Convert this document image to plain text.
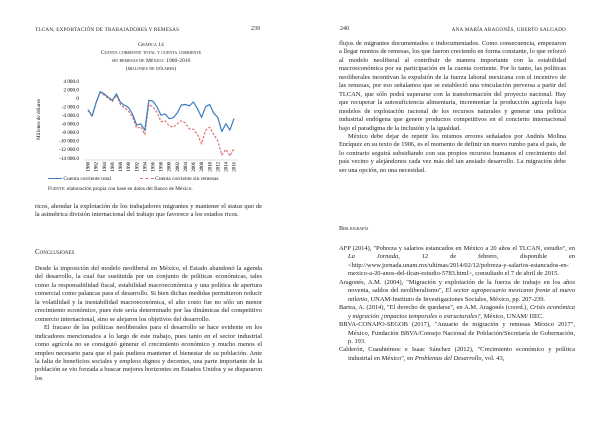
TLCAN, EXPORTACIÓN DE TRABAJADORES Y REMESAS	239
Gráfica 14
Cuenta corriente total y cuenta corriente
sin remesas de México: 1980-2016
(millones de dólares)
Millones de dólares
4 000.0
2 000.0
0
-2 000.0
-4 000.0
-6 000.0
-8 000.0
-10 000.0
-12 000.0
-14 000.0
1980 1982 1984 1986 1988 1990 1992 1994 1996 1998 2000 2002 2004 2006 2008 2010 2012 2014 2016
Cuenta corriente total	Cuenta corriente sin remesas
Fuente: elaboración propia con base en datos del Banco de México.
ricos, ahondar la explotación de los trabajadores migrantes y mantener el status quo de la asimétrica división internacional del trabajo que favorece a los estados ricos.
Conclusiones

Desde la imposición del modelo neoliberal en México, el Estado abandonó la agenda del desarrollo, la cual fue sustituida por un conjunto de políticas económicas, tales como la responsabilidad fiscal, estabilidad macroeconómica y una política de apertura comercial como palancas para el desarrollo. Si bien dichas medidas permitieron reducir la volatilidad y la inestabilidad macroeconómica, el alto costo fue no sólo un menor crecimiento económico, pues éste sería determinado por las dinámicas del competitivo comercio internacional, sino se alejaron los objetivos del desarrollo.

El fracaso de las políticas neoliberales para el desarrollo se hace evidente en los indicadores mencionados a lo largo de este trabajo, pues tanto en el sector industrial como agrícola no se consiguió generar el crecimiento económico y mucho menos el empleo necesario para que el país pudiera mantener el bienestar de su población. Ante la falta de beneficios sociales y empleos dignos y decentes, una parte importante de la población se vio forzada a buscar mejores horizontes en Estados Unidos y se dispararon los

240	ANA MARÍA ARAGONÉS, UBERTO SALGADO

flujos de migrantes documentados e indocumentados. Como consecuencia, empezaron a llegar montos de remesas, los que fueron creciendo en forma constante, lo que reforzó al modelo neoliberal al contribuir de manera importante con la estabilidad macroeconómica por su participación en la cuenta corriente. Por lo tanto, las políticas neoliberales incentivan la expulsión de la fuerza laboral mexicana con el incentivo de las remesas, por eso señalamos que se estableció una vinculación perversa a partir del TLCAN, que sólo podrá superarse con la transformación del proyecto nacional. Hay que recuperar la autosuficiencia alimentaria, incrementar la producción agrícola bajo modelos de explotación racional de los recursos naturales y generar una política industrial endógena que genere productos competitivos en el concierto internacional bajo el paradigma de la inclusión y la igualdad.

México debe dejar de repetir los mismos errores señalados por Andrés Molina Enríquez en su texto de 1906, es el momento de definir un nuevo rumbo para el país, de lo contrario seguirá subsidiando con sus propios recursos humanos el crecimiento del país vecino y alejándonos cada vez más del tan ansiado desarrollo. La migración debe ser una opción, no una necesidad.

Bibliografía

AFP (2014), "Pobreza y salarios estancados en México a 20 años el TLCAN, estudio", en La Jornada, 12 de febrero, disponible en <http://www.jornada.unam.mx/ultimas/2014/02/12/pobreza-y-salarios-estancados-en-mexico-a-20-anos-del-tlcan-estudio-5783.html>, consultado el 7 de abril de 2015.

Aragonés, A.M. (2004), "Migración y explotación de la fuerza de trabajo en los años noventa, saldos del neoliberalismo", El sector agropecuario mexicano frente al nuevo milenio, UNAM-Instituto de Investigaciones Sociales, México, pp. 207-239.

Bartra, A. (2014), "El derecho de quedarse", en A.M. Aragonés (coord.), Crisis económica y migración ¿impactos temporales o estructurales?, México, UNAM/ IIEC.

BBVA-CONAPO-SEGOB (2017), "Anuario de migración y remesas México 2017", México, Fundación BBVA/Consejo Nacional de Población/Secretaría de Gobernación, p. 193.

Calderón, Cuauhtémoc e Isaac Sánchez (2012), "Crecimiento económico y política industrial en México", en Problemas del Desarrollo, vol. 43,
